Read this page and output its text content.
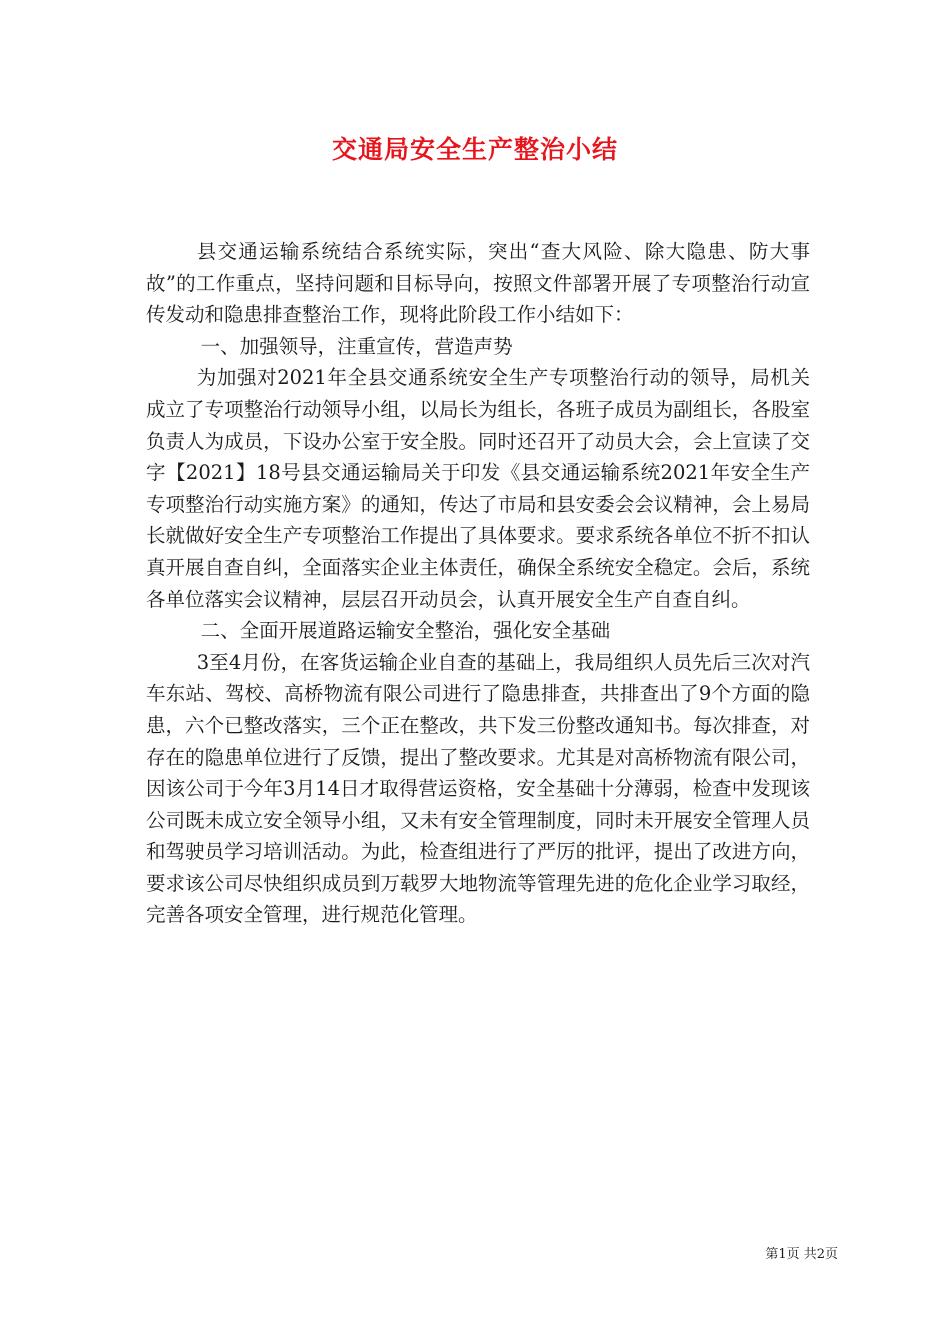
交通局安全生产整治小结

县交通运输系统结合系统实际，突出“查大风险、除大隐患、防大事故”的工作重点，坚持问题和目标导向，按照文件部署开展了专项整治行动宣传发动和隐患排查整治工作，现将此阶段工作小结如下：

一、加强领导，注重宣传，营造声势

为加强对2021年全县交通系统安全生产专项整治行动的领导，局机关成立了专项整治行动领导小组，以局长为组长，各班子成员为副组长，各股室负责人为成员，下设办公室于安全股。同时还召开了动员大会，会上宣读了交字【2021】18号县交通运输局关于印发《县交通运输系统2021年安全生产专项整治行动实施方案》的通知，传达了市局和县安委会会议精神，会上易局长就做好安全生产专项整治工作提出了具体要求。要求系统各单位不折不扣认真开展自查自纠，全面落实企业主体责任，确保全系统安全稳定。会后，系统各单位落实会议精神，层层召开动员会，认真开展安全生产自查自纠。

二、全面开展道路运输安全整治，强化安全基础

3至4月份，在客货运输企业自查的基础上，我局组织人员先后三次对汽车东站、驾校、高桥物流有限公司进行了隐患排查，共排查出了9个方面的隐患，六个已整改落实，三个正在整改，共下发三份整改通知书。每次排查，对存在的隐患单位进行了反馈，提出了整改要求。尤其是对高桥物流有限公司，因该公司于今年3月14日才取得营运资格，安全基础十分薄弱，检查中发现该公司既未成立安全领导小组，又未有安全管理制度，同时未开展安全管理人员和驾驶员学习培训活动。为此，检查组进行了严厉的批评，提出了改进方向，要求该公司尽快组织成员到万载罗大地物流等管理先进的危化企业学习取经，完善各项安全管理，进行规范化管理。

第1页 共2页
